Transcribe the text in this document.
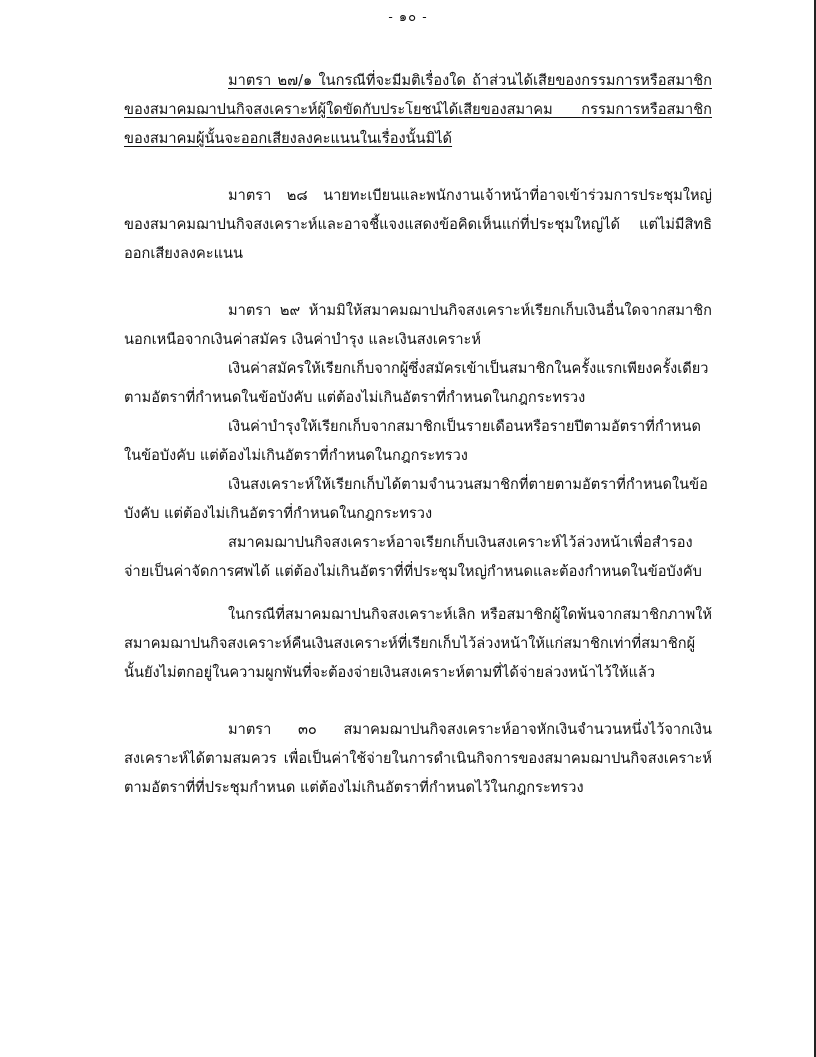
- ๑๐ -

มาตรา ๒๗/๑ ในกรณีที่จะมีมติเรื่องใด ถ้าส่วนได้เสียของกรรมการหรือสมาชิกของสมาคมฌาปนกิจสงเคราะห์ผู้ใดขัดกับประโยชน์ได้เสียของสมาคม กรรมการหรือสมาชิกของสมาคมผู้นั้นจะออกเสียงลงคะแนนในเรื่องนั้นมิได้

มาตรา ๒๘ นายทะเบียนและพนักงานเจ้าหน้าที่อาจเข้าร่วมการประชุมใหญ่ของสมาคมฌาปนกิจสงเคราะห์และอาจชี้แจงแสดงข้อคิดเห็นแก่ที่ประชุมใหญ่ได้ แต่ไม่มีสิทธิออกเสียงลงคะแนน

มาตรา ๒๙ ห้ามมิให้สมาคมฌาปนกิจสงเคราะห์เรียกเก็บเงินอื่นใดจากสมาชิกนอกเหนือจากเงินค่าสมัคร เงินค่าบำรุง และเงินสงเคราะห์

เงินค่าสมัครให้เรียกเก็บจากผู้ซึ่งสมัครเข้าเป็นสมาชิกในครั้งแรกเพียงครั้งเดียวตามอัตราที่กำหนดในข้อบังคับ แต่ต้องไม่เกินอัตราที่กำหนดในกฎกระทรวง

เงินค่าบำรุงให้เรียกเก็บจากสมาชิกเป็นรายเดือนหรือรายปีตามอัตราที่กำหนดในข้อบังคับ แต่ต้องไม่เกินอัตราที่กำหนดในกฎกระทรวง

เงินสงเคราะห์ให้เรียกเก็บได้ตามจำนวนสมาชิกที่ตายตามอัตราที่กำหนดในข้อบังคับ แต่ต้องไม่เกินอัตราที่กำหนดในกฎกระทรวง

สมาคมฌาปนกิจสงเคราะห์อาจเรียกเก็บเงินสงเคราะห์ไว้ล่วงหน้าเพื่อสำรองจ่ายเป็นค่าจัดการศพได้ แต่ต้องไม่เกินอัตราที่ที่ประชุมใหญ่กำหนดและต้องกำหนดในข้อบังคับ

ในกรณีที่สมาคมฌาปนกิจสงเคราะห์เลิก หรือสมาชิกผู้ใดพ้นจากสมาชิกภาพให้สมาคมฌาปนกิจสงเคราะห์คืนเงินสงเคราะห์ที่เรียกเก็บไว้ล่วงหน้าให้แก่สมาชิกเท่าที่สมาชิกผู้นั้นยังไม่ตกอยู่ในความผูกพันที่จะต้องจ่ายเงินสงเคราะห์ตามที่ได้จ่ายล่วงหน้าไว้ให้แล้ว

มาตรา ๓๐ สมาคมฌาปนกิจสงเคราะห์อาจหักเงินจำนวนหนึ่งไว้จากเงินสงเคราะห์ได้ตามสมควร เพื่อเป็นค่าใช้จ่ายในการดำเนินกิจการของสมาคมฌาปนกิจสงเคราะห์ตามอัตราที่ที่ประชุมกำหนด แต่ต้องไม่เกินอัตราที่กำหนดไว้ในกฎกระทรวง
